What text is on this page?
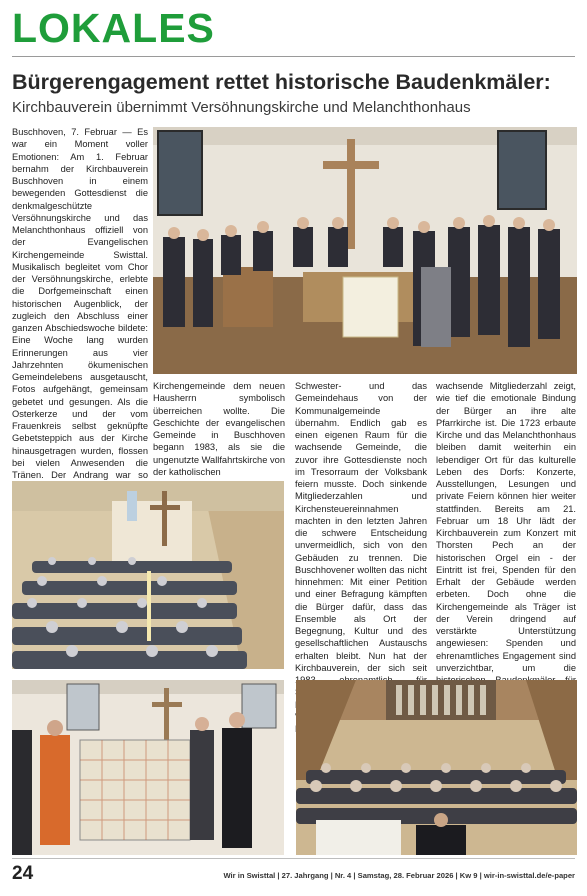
LOKALES
Bürgerengagement rettet historische Baudenkmäler:
Kirchbauverein übernimmt Versöhnungskirche und Melanchthonhaus

Buschhoven, 7. Februar — Es war ein Moment voller Emotionen: Am 1. Februar bernahm der Kirchbauverein Buschhoven in einem bewegenden Gottesdienst die denkmalgeschützte Versöhnungskirche und das Melanchthonhaus offiziell von der Evangelischen Kirchengemeinde Swisttal. Musikalisch begleitet vom Chor der Versöhnungskirche, erlebte die Dorfgemeinschaft einen historischen Augenblick, der zugleich den Abschluss einer ganzen Abschiedswoche bildete: Eine Woche lang wurden Erinnerungen aus vier Jahrzehnten ökumenischen Gemeindelebens ausgetauscht, Fotos aufgehängt, gemeinsam gebetet und gesungen. Als die Osterkerze und der vom Frauenkreis selbst geknüpfte Gebetsteppich aus der Kirche hinausgetragen wurden, flossen bei vielen Anwesenden die Tränen. Der Andrang war so

Kirchengemeinde dem neuen Hausherrn symbolisch überreichen wollte. Die Geschichte der evangelischen Gemeinde in Buschhoven begann 1983, als sie die ungenutzte Wallfahrtskirche von der katholischen

Schwester- und das Gemeindehaus von der Kommunalgemeinde übernahm. Endlich gab es einen eigenen Raum für die wachsende Gemeinde, die zuvor ihre Gottesdienste noch im Tresorraum der Volksbank feiern musste. Doch sinkende Mitgliederzahlen und Kirchensteuereinnahmen machten in den letzten Jahren die schwere Entscheidung unvermeidlich, sich von den Gebäuden zu trennen. Die Buschhovener wollten das nicht hinnehmen: Mit einer Petition und einer Befragung kämpften die Bürger dafür, dass das Ensemble als Ort der Begegnung, Kultur und des gesellschaftlichen Austauschs erhalten bleibt. Nun hat der Kirchbauverein, der sich seit

wachsende Mitgliederzahl zeigt, wie tief die emotionale Bindung der Bürger an ihre alte Pfarrkirche ist. Die 1723 erbaute Kirche und das Melanchthonhaus bleiben damit weiterhin ein lebendiger Ort für das kulturelle Leben des Dorfs: Konzerte, Ausstellungen, Lesungen und private Feiern können hier weiter stattfinden. Bereits am 21. Februar um 18 Uhr lädt der Kirchbauverein zum Konzert mit Thorsten Pech an der historischen Orgel ein - der Eintritt ist frei, Spenden für den Erhalt der Gebäude werden erbeten. Doch ohne die Kirchengemeinde als Träger ist der Verein dringend auf verstärkte Unterstützung angewiesen: Spenden und ehrenamtliches Engagement sind unverzichtbar, um die

24	Wir in Swisttal | 27. Jahrgang | Nr. 4 | Samstag, 28. Februar 2026 | Kw 9 | wir-in-swisttal.de/e-paper
